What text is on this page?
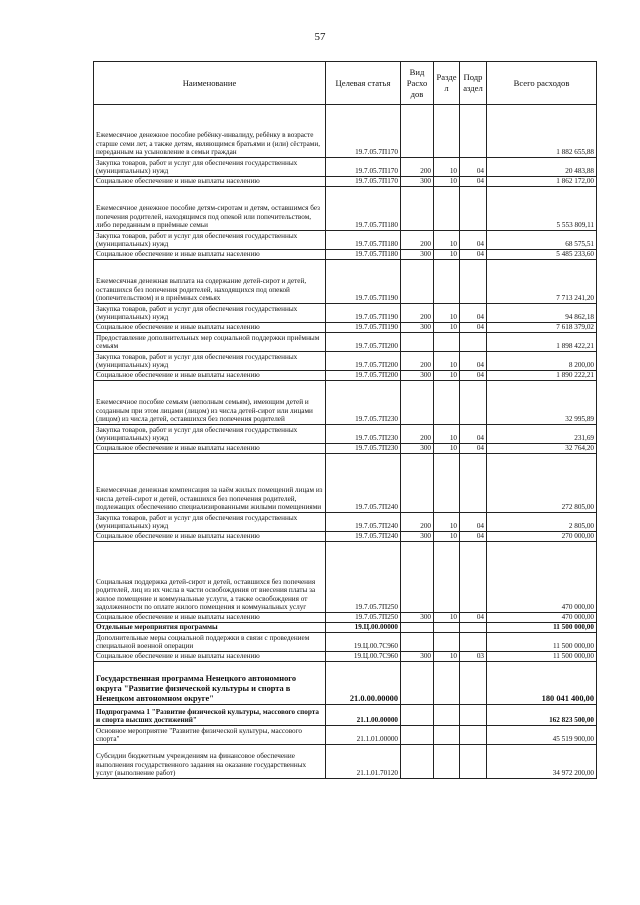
57
Наименование	Целевая статья	Вид Расхо дов	Разде л	Подр аздел	Всего расходов
Ежемесячное денежное пособие ребёнку-инвалиду, ребёнку в возрасте старше семи лет, а также детям, являющимся братьями и (или) сёстрами, переданным на усыновление в семьи граждан	19.7.05.7П170				1 882 655,88
Закупка товаров, работ и услуг для обеспечения государственных (муниципальных) нужд	19.7.05.7П170	200	10	04	20 483,88
Социальное обеспечение и иные выплаты населению	19.7.05.7П170	300	10	04	1 862 172,00
Ежемесячное денежное пособие детям-сиротам и детям, оставшимся без попечения родителей, находящимся под опекой или попечительством, либо переданным в приёмные семьи	19.7.05.7П180				5 553 809,11
Закупка товаров, работ и услуг для обеспечения государственных (муниципальных) нужд	19.7.05.7П180	200	10	04	68 575,51
Социальное обеспечение и иные выплаты населению	19.7.05.7П180	300	10	04	5 485 233,60
Ежемесячная денежная выплата на содержание детей-сирот и детей, оставшихся без попечения родителей, находящихся под опекой (попечительством) и в приёмных семьях	19.7.05.7П190				7 713 241,20
Закупка товаров, работ и услуг для обеспечения государственных (муниципальных) нужд	19.7.05.7П190	200	10	04	94 862,18
Социальное обеспечение и иные выплаты населению	19.7.05.7П190	300	10	04	7 618 379,02
Предоставление дополнительных мер социальной поддержки приёмным семьям	19.7.05.7П200				1 898 422,21
Закупка товаров, работ и услуг для обеспечения государственных (муниципальных) нужд	19.7.05.7П200	200	10	04	8 200,00
Социальное обеспечение и иные выплаты населению	19.7.05.7П200	300	10	04	1 890 222,21
Ежемесячное пособие семьям (неполным семьям), имеющим детей и созданным при этом лицами (лицом) из числа детей-сирот или лицами (лицом) из числа детей, оставшихся без попечения родителей	19.7.05.7П230				32 995,89
Закупка товаров, работ и услуг для обеспечения государственных (муниципальных) нужд	19.7.05.7П230	200	10	04	231,69
Социальное обеспечение и иные выплаты населению	19.7.05.7П230	300	10	04	32 764,20
Ежемесячная денежная компенсация за наём жилых помещений лицам из числа детей-сирот и детей, оставшихся без попечения родителей, подлежащих обеспечению специализированными жилыми помещениями	19.7.05.7П240				272 805,00
Закупка товаров, работ и услуг для обеспечения государственных (муниципальных) нужд	19.7.05.7П240	200	10	04	2 805,00
Социальное обеспечение и иные выплаты населению	19.7.05.7П240	300	10	04	270 000,00
Социальная поддержка детей-сирот и детей, оставшихся без попечения родителей, лиц из их числа в части освобождения от внесения платы за жилое помещение и коммунальные услуги, а также освобождения от задолженности по оплате жилого помещения и коммунальных услуг	19.7.05.7П250				470 000,00
Социальное обеспечение и иные выплаты населению	19.7.05.7П250	300	10	04	470 000,00
Отдельные мероприятия программы	19.Ц.00.00000				11 500 000,00
Дополнительные меры социальной поддержки в связи с проведением специальной военной операции	19.Ц.00.7С960				11 500 000,00
Социальное обеспечение и иные выплаты населению	19.Ц.00.7С960	300	10	03	11 500 000,00
Государственная программа Ненецкого автономного округа "Развитие физической культуры и спорта в Ненецком автономном округе"	21.0.00.00000				180 041 400,00
Подпрограмма 1 "Развитие физической культуры, массового спорта и спорта высших достижений"	21.1.00.00000				162 823 500,00
Основное мероприятие "Развитие физической культуры, массового спорта"	21.1.01.00000				45 519 900,00
Субсидии бюджетным учреждениям на финансовое обеспечение выполнения государственного задания на оказание государственных услуг (выполнение работ)	21.1.01.70120				34 972 200,00
